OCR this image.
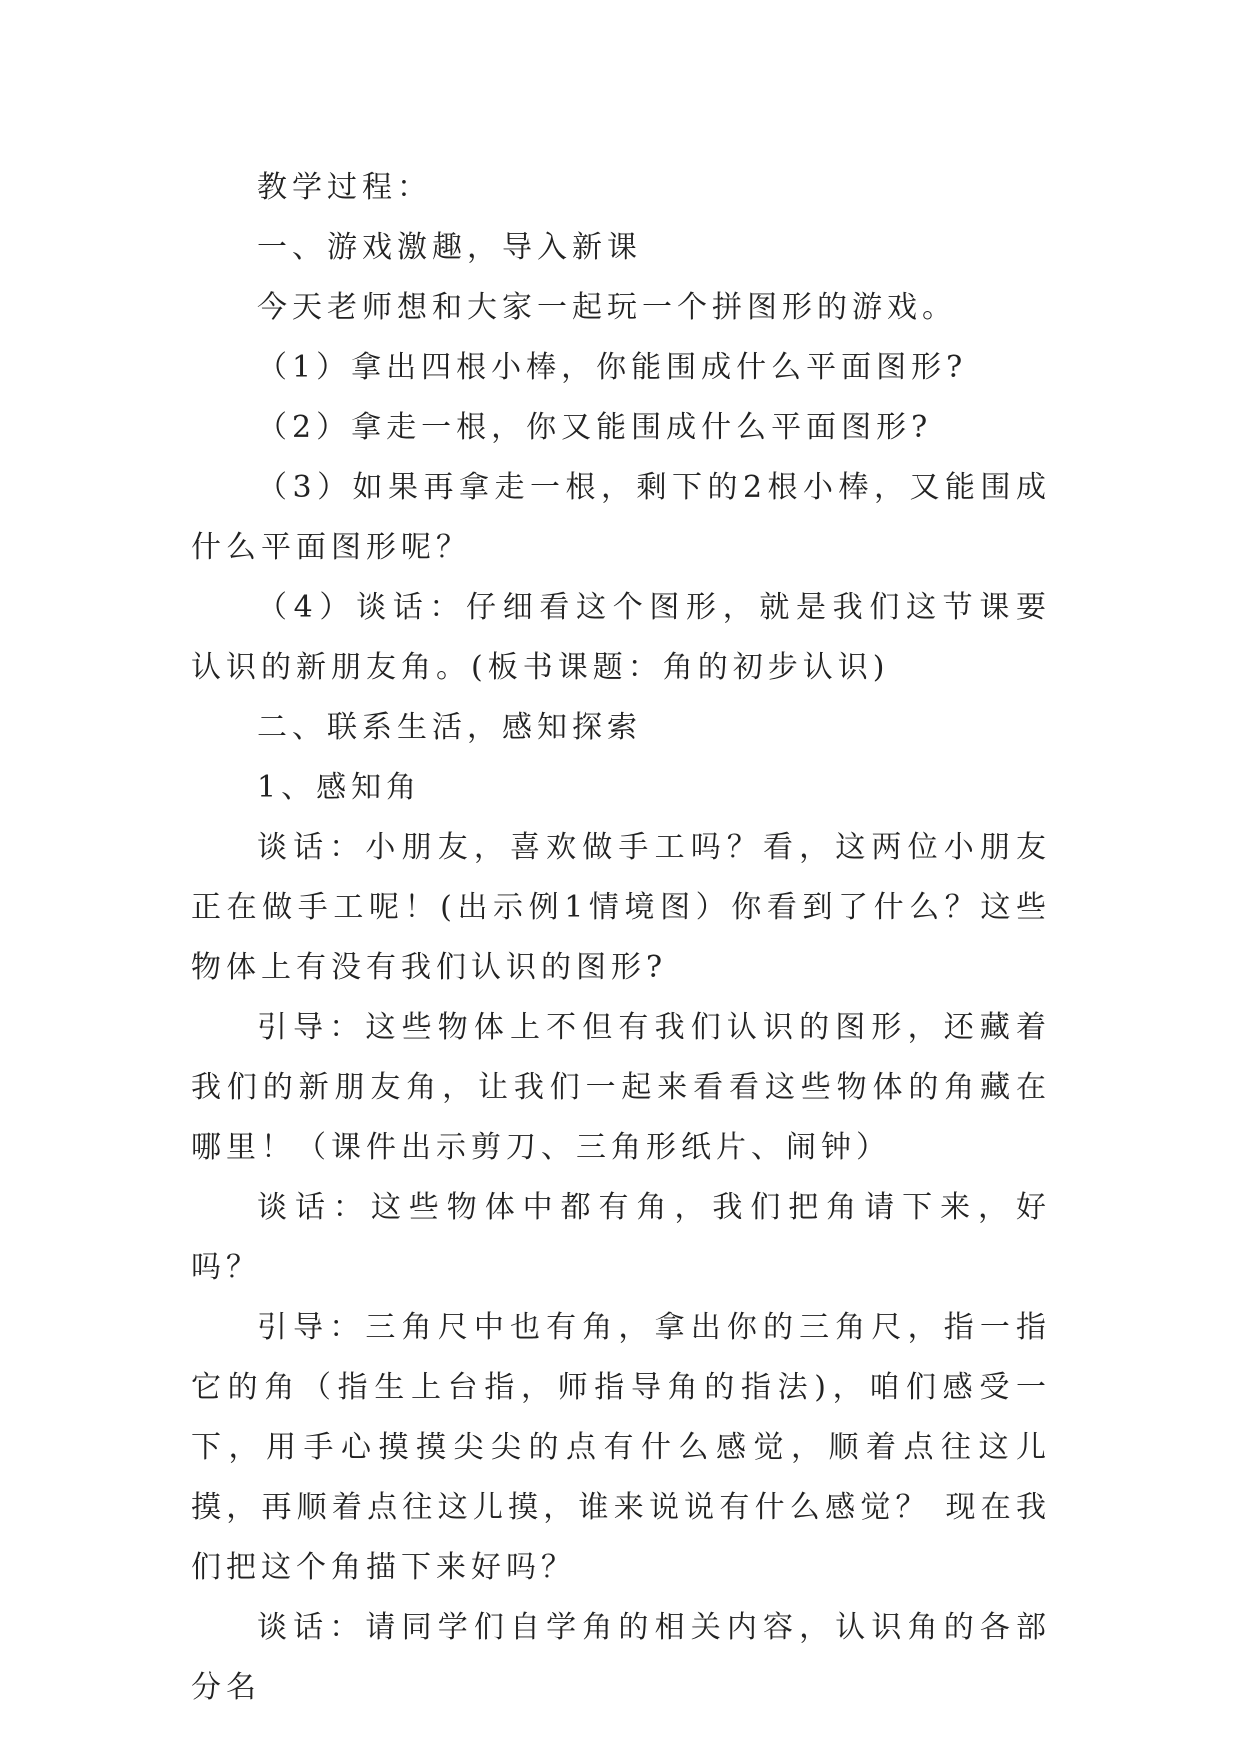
教学过程：

一、游戏激趣，导入新课

今天老师想和大家一起玩一个拼图形的游戏。

（1）拿出四根小棒，你能围成什么平面图形?

（2）拿走一根，你又能围成什么平面图形?

（3）如果再拿走一根，剩下的2根小棒，又能围成什么平面图形呢？

（4）谈话：仔细看这个图形，就是我们这节课要认识的新朋友角。(板书课题：角的初步认识)

二、联系生活，感知探索

1、感知角

谈话：小朋友，喜欢做手工吗？看，这两位小朋友正在做手工呢！(出示例1情境图）你看到了什么？这些物体上有没有我们认识的图形?

引导：这些物体上不但有我们认识的图形，还藏着我们的新朋友角，让我们一起来看看这些物体的角藏在哪里！（课件出示剪刀、三角形纸片、闹钟）

谈话：这些物体中都有角，我们把角请下来，好吗？

引导：三角尺中也有角，拿出你的三角尺，指一指它的角（指生上台指，师指导角的指法)，咱们感受一下，用手心摸摸尖尖的点有什么感觉，顺着点往这儿摸，再顺着点往这儿摸，谁来说说有什么感觉？ 现在我们把这个角描下来好吗？

谈话：请同学们自学角的相关内容，认识角的各部分名
